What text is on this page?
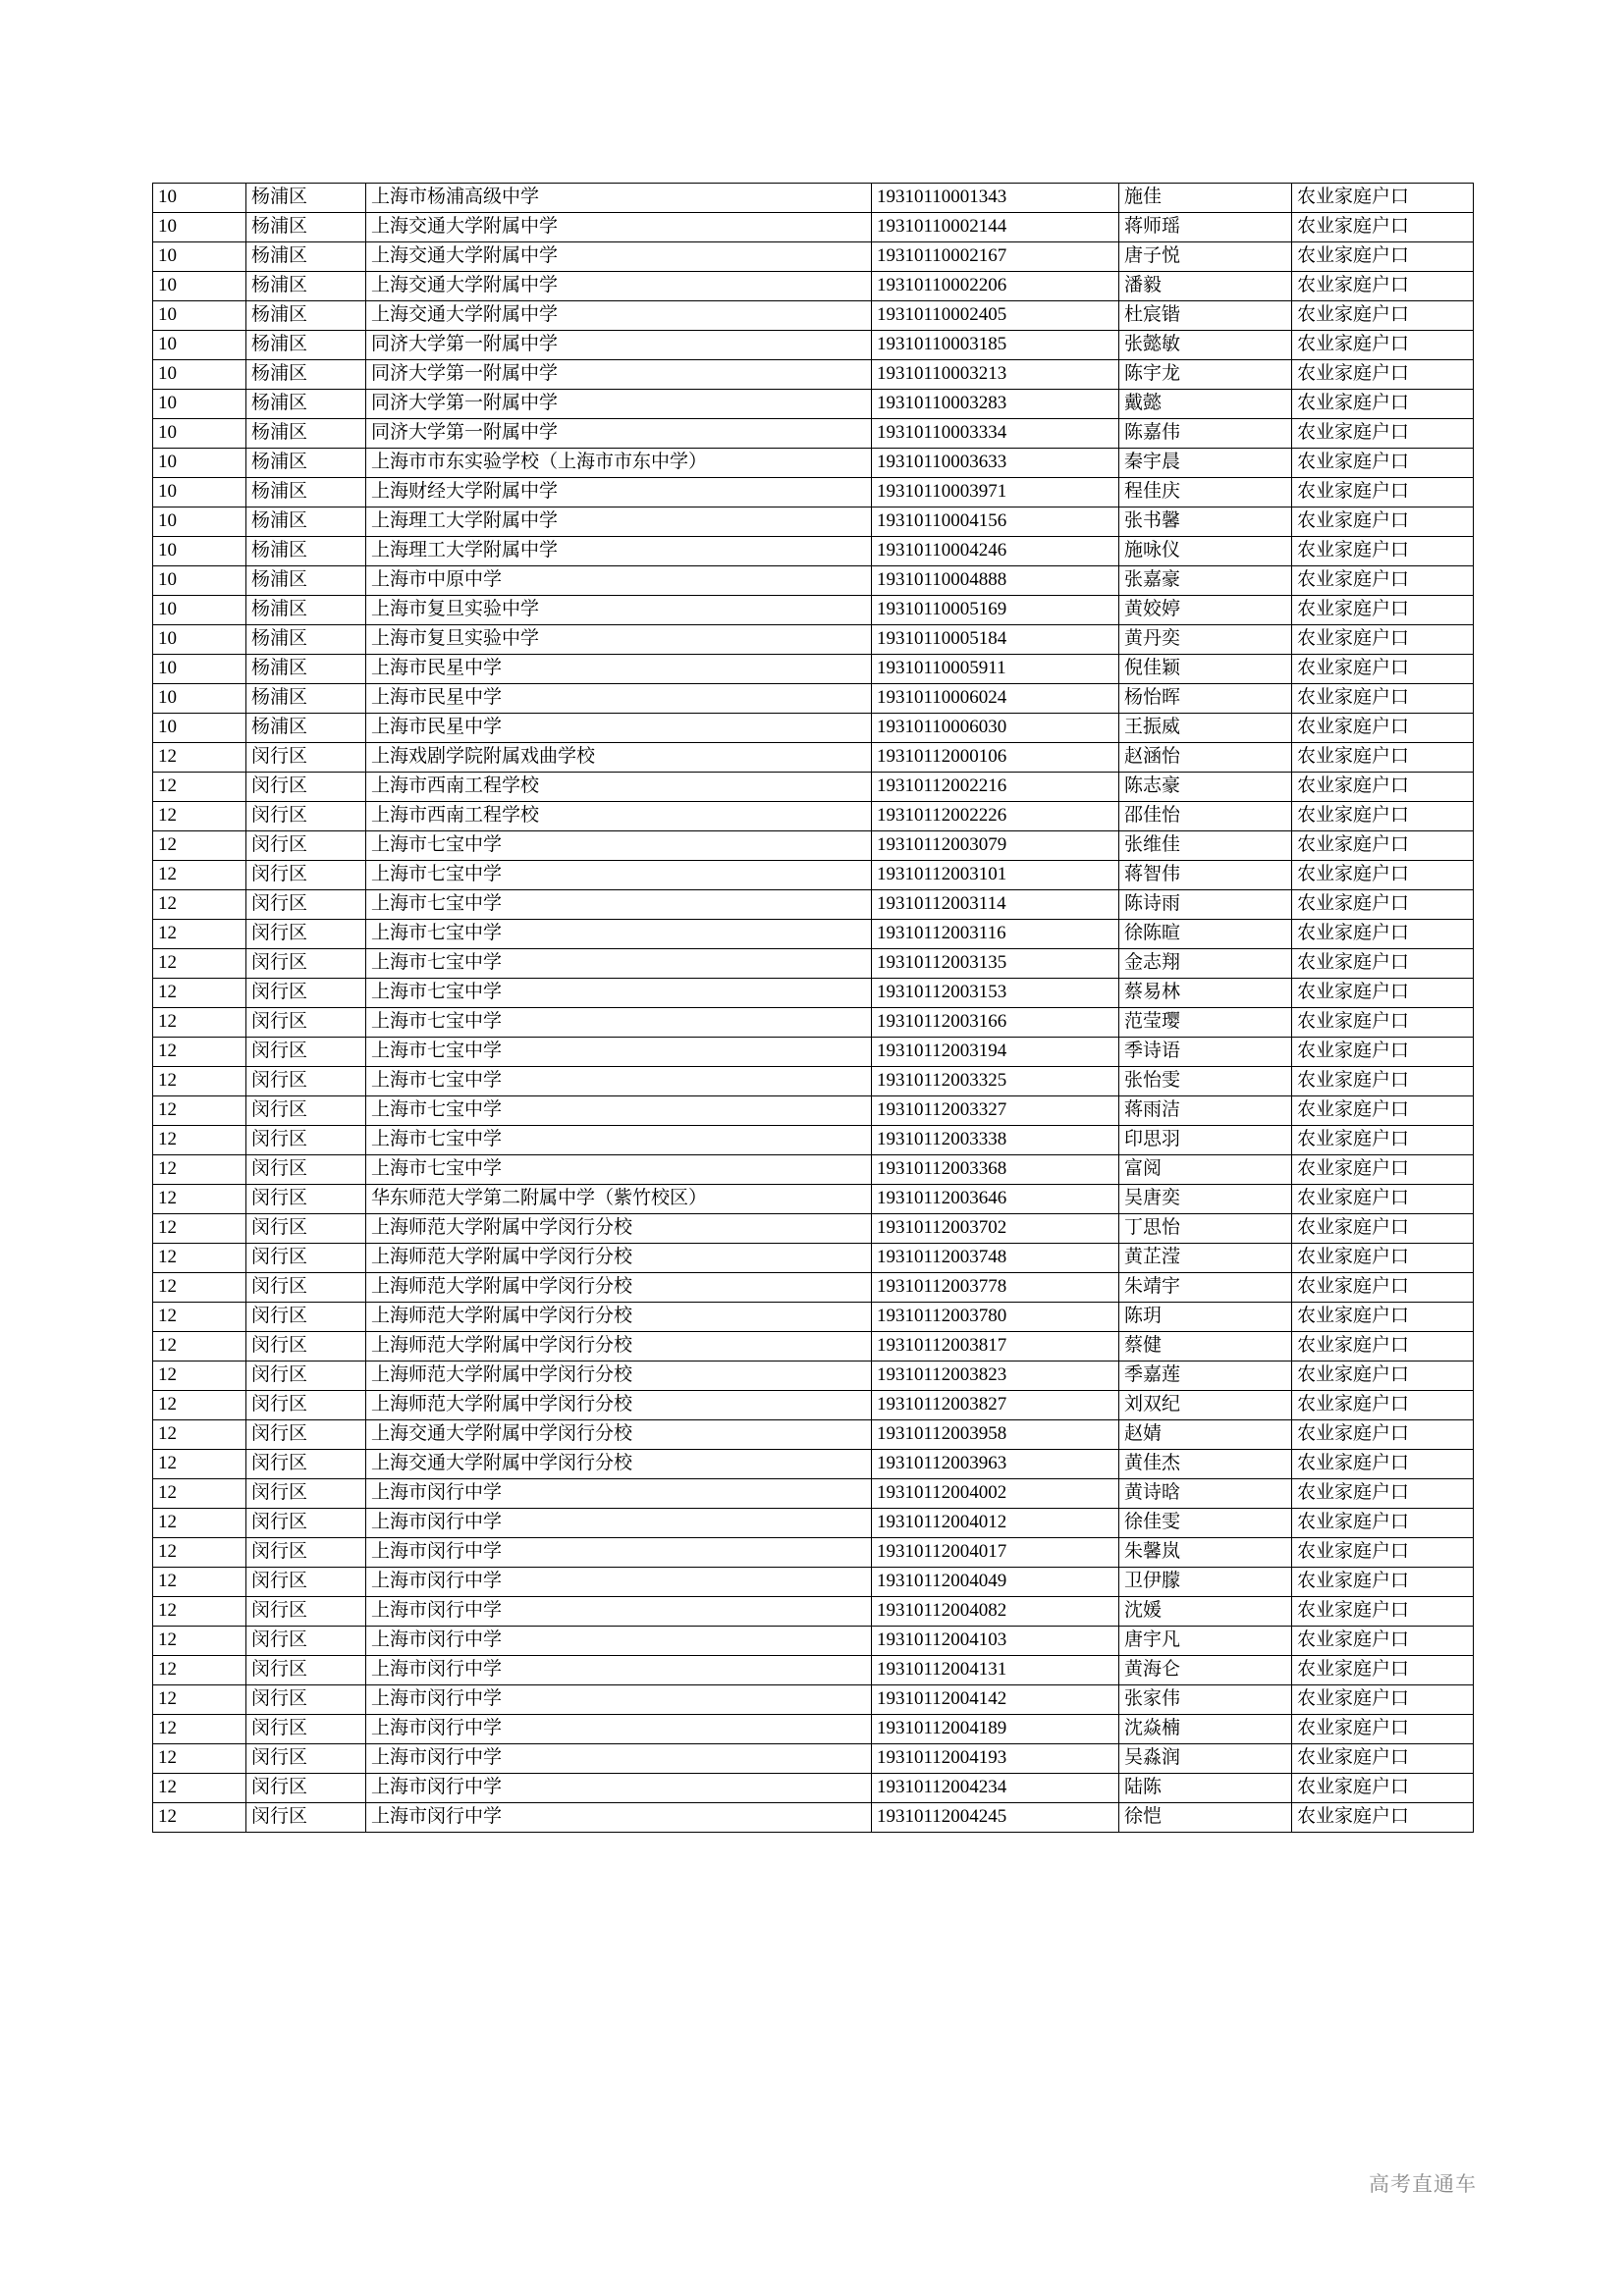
10	杨浦区	上海市杨浦高级中学	19310110001343	施佳	农业家庭户口
10	杨浦区	上海交通大学附属中学	19310110002144	蒋师瑶	农业家庭户口
10	杨浦区	上海交通大学附属中学	19310110002167	唐子悦	农业家庭户口
10	杨浦区	上海交通大学附属中学	19310110002206	潘毅	农业家庭户口
10	杨浦区	上海交通大学附属中学	19310110002405	杜宸锴	农业家庭户口
10	杨浦区	同济大学第一附属中学	19310110003185	张懿敏	农业家庭户口
10	杨浦区	同济大学第一附属中学	19310110003213	陈宇龙	农业家庭户口
10	杨浦区	同济大学第一附属中学	19310110003283	戴懿	农业家庭户口
10	杨浦区	同济大学第一附属中学	19310110003334	陈嘉伟	农业家庭户口
10	杨浦区	上海市市东实验学校（上海市市东中学）	19310110003633	秦宇晨	农业家庭户口
10	杨浦区	上海财经大学附属中学	19310110003971	程佳庆	农业家庭户口
10	杨浦区	上海理工大学附属中学	19310110004156	张书馨	农业家庭户口
10	杨浦区	上海理工大学附属中学	19310110004246	施咏仪	农业家庭户口
10	杨浦区	上海市中原中学	19310110004888	张嘉豪	农业家庭户口
10	杨浦区	上海市复旦实验中学	19310110005169	黄姣婷	农业家庭户口
10	杨浦区	上海市复旦实验中学	19310110005184	黄丹奕	农业家庭户口
10	杨浦区	上海市民星中学	19310110005911	倪佳颖	农业家庭户口
10	杨浦区	上海市民星中学	19310110006024	杨怡晖	农业家庭户口
10	杨浦区	上海市民星中学	19310110006030	王振威	农业家庭户口
12	闵行区	上海戏剧学院附属戏曲学校	19310112000106	赵涵怡	农业家庭户口
12	闵行区	上海市西南工程学校	19310112002216	陈志豪	农业家庭户口
12	闵行区	上海市西南工程学校	19310112002226	邵佳怡	农业家庭户口
12	闵行区	上海市七宝中学	19310112003079	张维佳	农业家庭户口
12	闵行区	上海市七宝中学	19310112003101	蒋智伟	农业家庭户口
12	闵行区	上海市七宝中学	19310112003114	陈诗雨	农业家庭户口
12	闵行区	上海市七宝中学	19310112003116	徐陈暄	农业家庭户口
12	闵行区	上海市七宝中学	19310112003135	金志翔	农业家庭户口
12	闵行区	上海市七宝中学	19310112003153	蔡易林	农业家庭户口
12	闵行区	上海市七宝中学	19310112003166	范莹璎	农业家庭户口
12	闵行区	上海市七宝中学	19310112003194	季诗语	农业家庭户口
12	闵行区	上海市七宝中学	19310112003325	张怡雯	农业家庭户口
12	闵行区	上海市七宝中学	19310112003327	蒋雨洁	农业家庭户口
12	闵行区	上海市七宝中学	19310112003338	印思羽	农业家庭户口
12	闵行区	上海市七宝中学	19310112003368	富阅	农业家庭户口
12	闵行区	华东师范大学第二附属中学（紫竹校区）	19310112003646	吴唐奕	农业家庭户口
12	闵行区	上海师范大学附属中学闵行分校	19310112003702	丁思怡	农业家庭户口
12	闵行区	上海师范大学附属中学闵行分校	19310112003748	黄芷滢	农业家庭户口
12	闵行区	上海师范大学附属中学闵行分校	19310112003778	朱靖宇	农业家庭户口
12	闵行区	上海师范大学附属中学闵行分校	19310112003780	陈玥	农业家庭户口
12	闵行区	上海师范大学附属中学闵行分校	19310112003817	蔡健	农业家庭户口
12	闵行区	上海师范大学附属中学闵行分校	19310112003823	季嘉莲	农业家庭户口
12	闵行区	上海师范大学附属中学闵行分校	19310112003827	刘双纪	农业家庭户口
12	闵行区	上海交通大学附属中学闵行分校	19310112003958	赵婧	农业家庭户口
12	闵行区	上海交通大学附属中学闵行分校	19310112003963	黄佳杰	农业家庭户口
12	闵行区	上海市闵行中学	19310112004002	黄诗晗	农业家庭户口
12	闵行区	上海市闵行中学	19310112004012	徐佳雯	农业家庭户口
12	闵行区	上海市闵行中学	19310112004017	朱馨岚	农业家庭户口
12	闵行区	上海市闵行中学	19310112004049	卫伊朦	农业家庭户口
12	闵行区	上海市闵行中学	19310112004082	沈媛	农业家庭户口
12	闵行区	上海市闵行中学	19310112004103	唐宇凡	农业家庭户口
12	闵行区	上海市闵行中学	19310112004131	黄海仑	农业家庭户口
12	闵行区	上海市闵行中学	19310112004142	张家伟	农业家庭户口
12	闵行区	上海市闵行中学	19310112004189	沈焱楠	农业家庭户口
12	闵行区	上海市闵行中学	19310112004193	吴淼润	农业家庭户口
12	闵行区	上海市闵行中学	19310112004234	陆陈	农业家庭户口
12	闵行区	上海市闵行中学	19310112004245	徐恺	农业家庭户口
高考直通车
